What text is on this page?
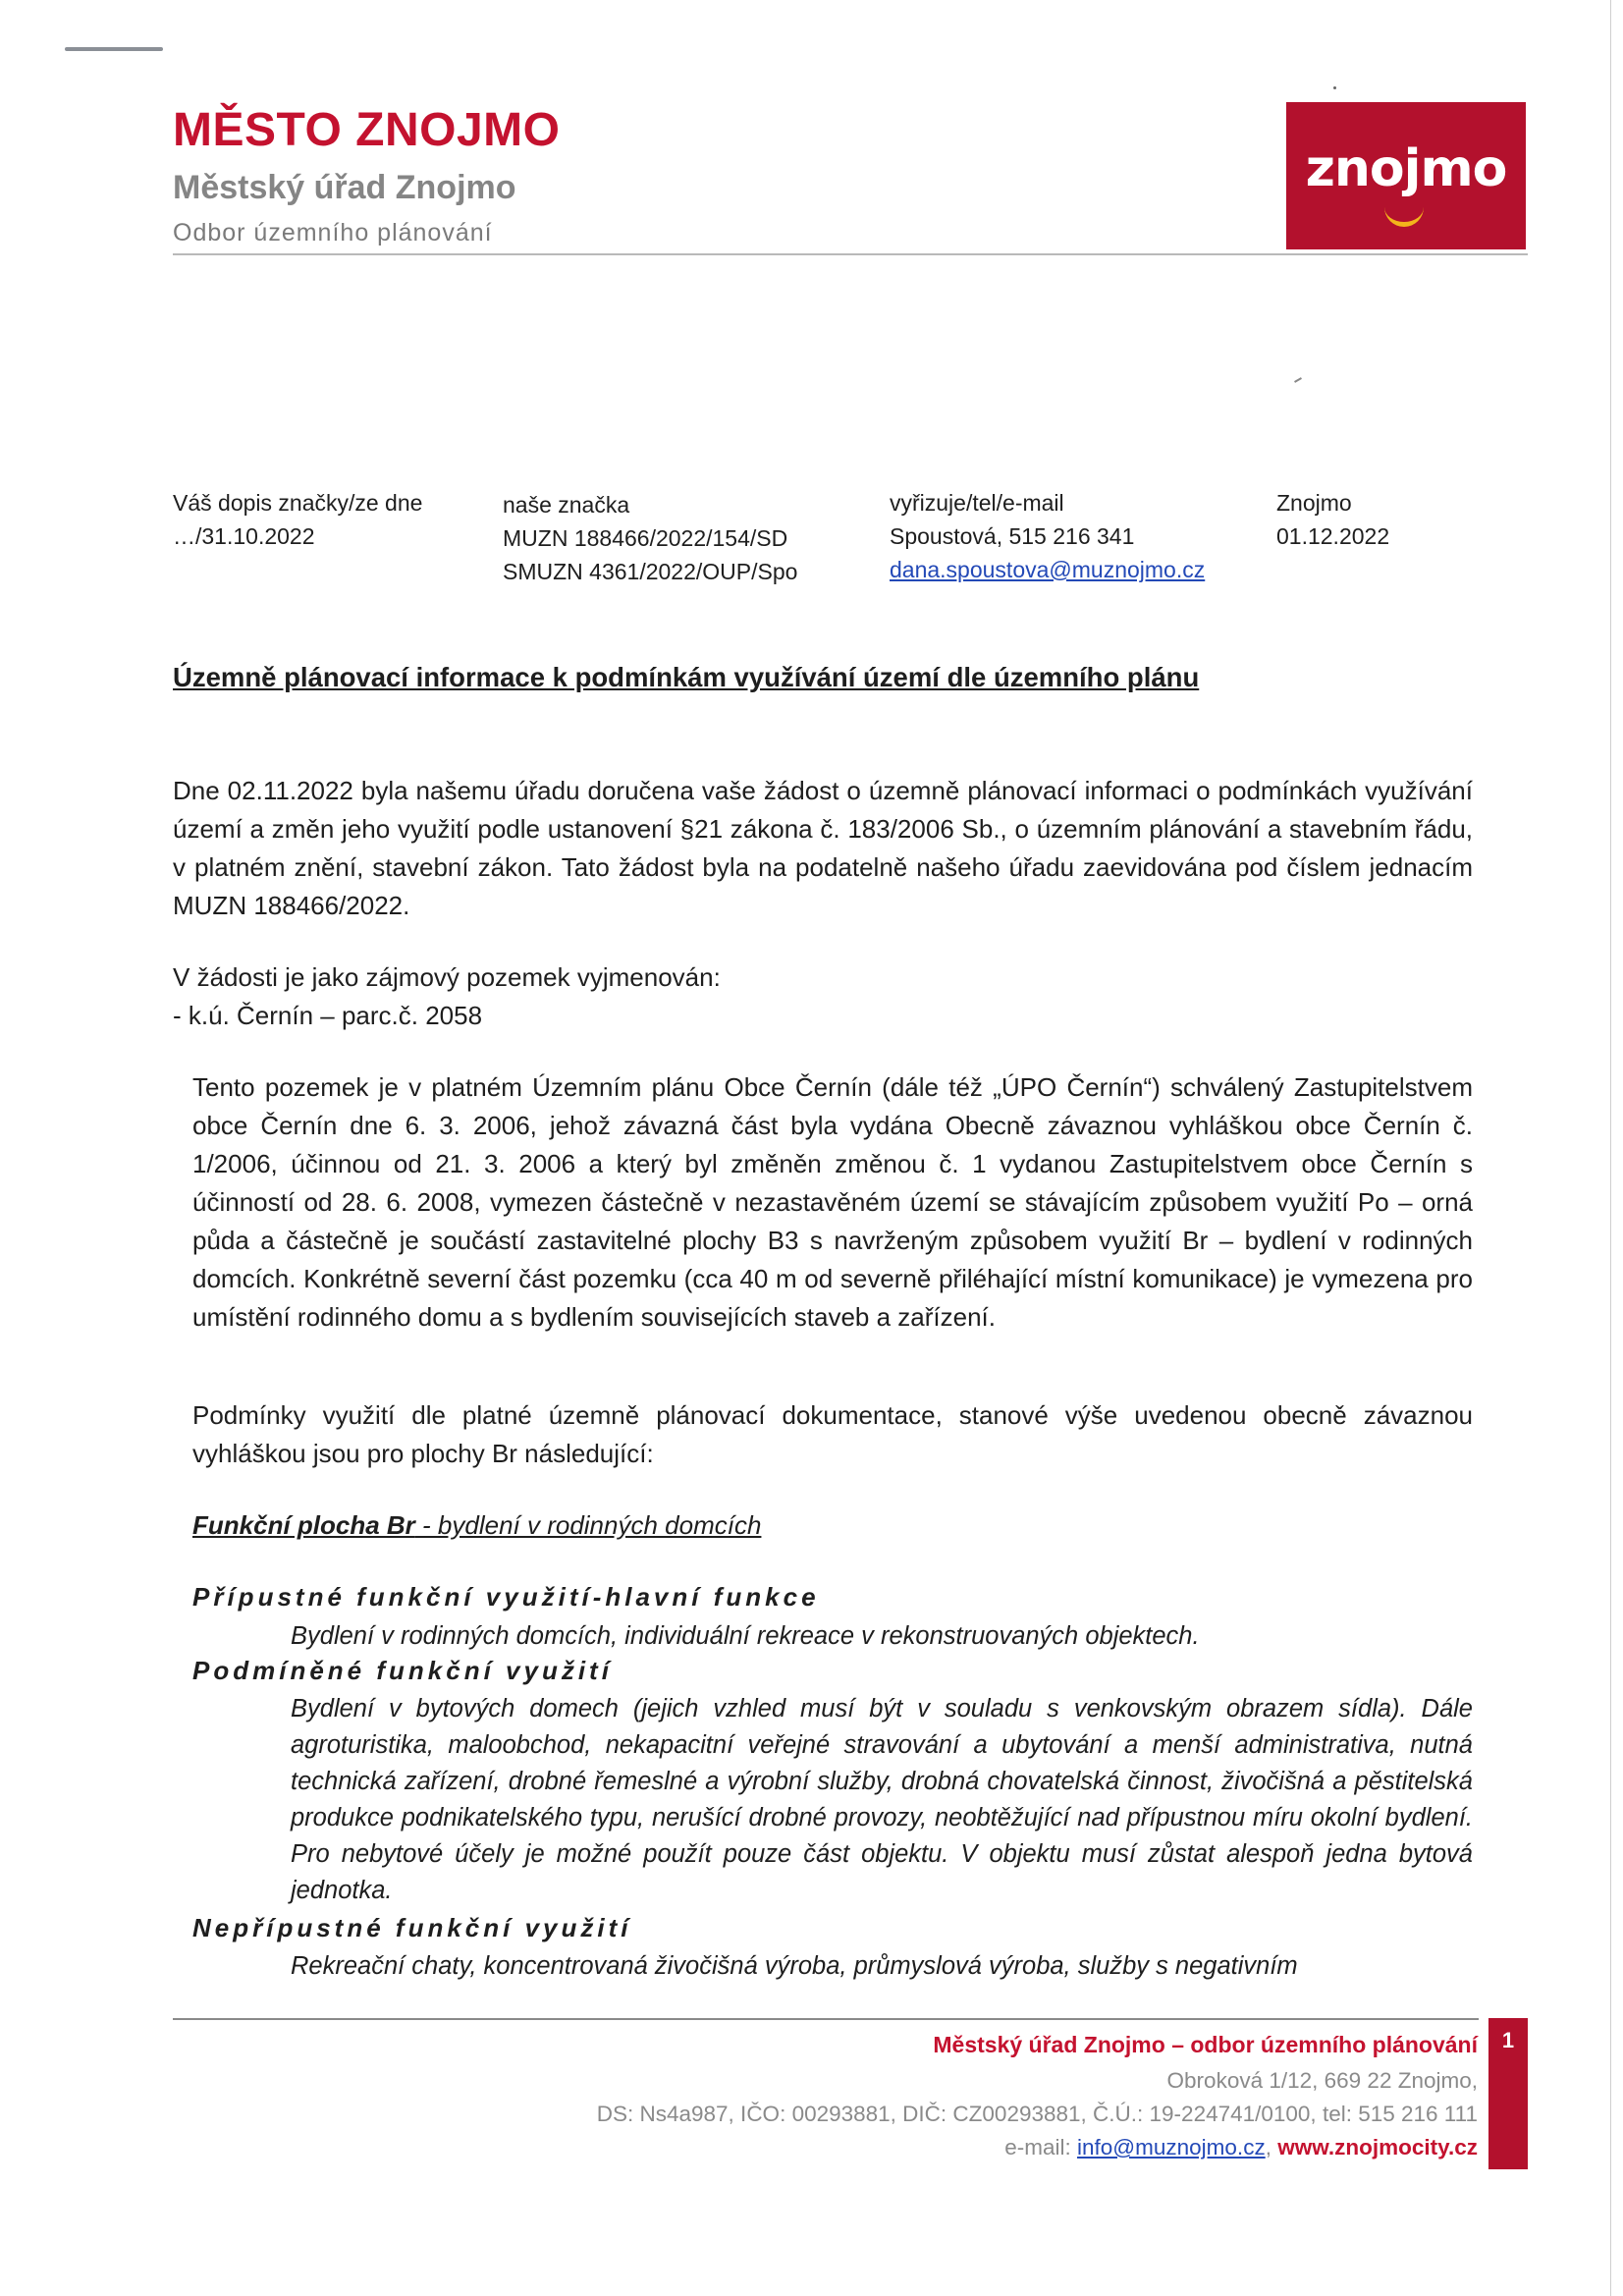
MĚSTO ZNOJMO
Městský úřad Znojmo
Odbor územního plánování
znojmo
Váš dopis značky/ze dne
…/31.10.2022
naše značka
MUZN 188466/2022/154/SD
SMUZN 4361/2022/OUP/Spo
vyřizuje/tel/e-mail
Spoustová, 515 216 341
dana.spoustova@muznojmo.cz
Znojmo
01.12.2022
Územně plánovací informace k podmínkám využívání území dle územního plánu

Dne 02.11.2022 byla našemu úřadu doručena vaše žádost o územně plánovací informaci o podmínkách využívání území a změn jeho využití podle ustanovení §21 zákona č. 183/2006 Sb., o územním plánování a stavebním řádu, v platném znění, stavební zákon. Tato žádost byla na podatelně našeho úřadu zaevidována pod číslem jednacím MUZN 188466/2022.

V žádosti je jako zájmový pozemek vyjmenován:

- k.ú. Černín – parc.č. 2058

Tento pozemek je v platném Územním plánu Obce Černín (dále též „ÚPO Černín“) schválený Zastupitelstvem obce Černín dne 6. 3. 2006, jehož závazná část byla vydána Obecně závaznou vyhláškou obce Černín č. 1/2006, účinnou od 21. 3. 2006 a který byl změněn změnou č. 1 vydanou Zastupitelstvem obce Černín s účinností od 28. 6. 2008, vymezen částečně v nezastavěném území se stávajícím způsobem využití Po – orná půda a částečně je součástí zastavitelné plochy B3 s navrženým způsobem využití Br – bydlení v rodinných domcích. Konkrétně severní část pozemku (cca 40 m od severně přiléhající místní komunikace) je vymezena pro umístění rodinného domu a s bydlením souvisejících staveb a zařízení.

Podmínky využití dle platné územně plánovací dokumentace, stanové výše uvedenou obecně závaznou vyhláškou jsou pro plochy Br následující:

Funkční plocha Br - bydlení v rodinných domcích
Přípustné funkční využití-hlavní funkce
Bydlení v rodinných domcích, individuální rekreace v rekonstruovaných objektech.
Podmíněné funkční využití
Bydlení v bytových domech (jejich vzhled musí být v souladu s venkovským obrazem sídla). Dále agroturistika, maloobchod, nekapacitní veřejné stravování a ubytování a menší administrativa, nutná technická zařízení, drobné řemeslné a výrobní služby, drobná chovatelská činnost, živočišná a pěstitelská produkce podnikatelského typu, nerušící drobné provozy, neobtěžující nad přípustnou míru okolní bydlení. Pro nebytové účely je možné použít pouze část objektu. V objektu musí zůstat alespoň jedna bytová jednotka.
Nepřípustné funkční využití
Rekreační chaty, koncentrovaná živočišná výroba, průmyslová výroba, služby s negativním
Městský úřad Znojmo – odbor územního plánování
Obroková 1/12, 669 22 Znojmo,
DS: Ns4a987, IČO: 00293881, DIČ: CZ00293881, Č.Ú.: 19-224741/0100, tel: 515 216 111
e-mail: info@muznojmo.cz, www.znojmocity.cz
1
